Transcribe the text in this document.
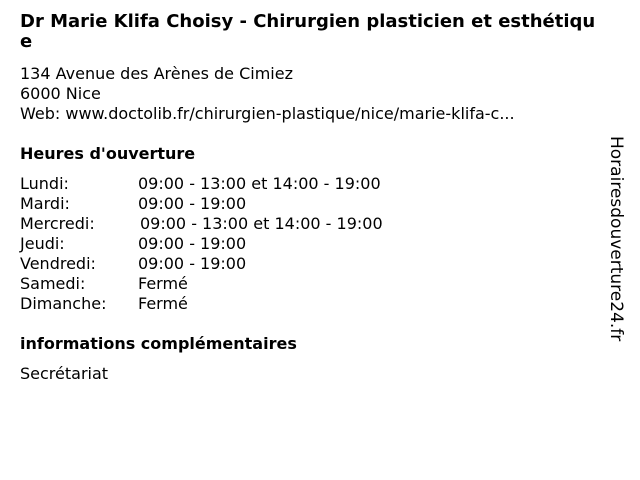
Dr Marie Klifa Choisy - Chirurgien plasticien et esthétique
134 Avenue des Arènes de Cimiez
6000 Nice
Web: www.doctolib.fr/chirurgien-plastique/nice/marie-klifa-c...
Heures d'ouverture
Lundi:	09:00 - 13:00 et 14:00 - 19:00
Mardi:	09:00 - 19:00
Mercredi:	09:00 - 13:00 et 14:00 - 19:00
Jeudi:	09:00 - 19:00
Vendredi:	09:00 - 19:00
Samedi:	Fermé
Dimanche: Fermé
informations complémentaires
Secrétariat
Horairesdouverture24.fr
